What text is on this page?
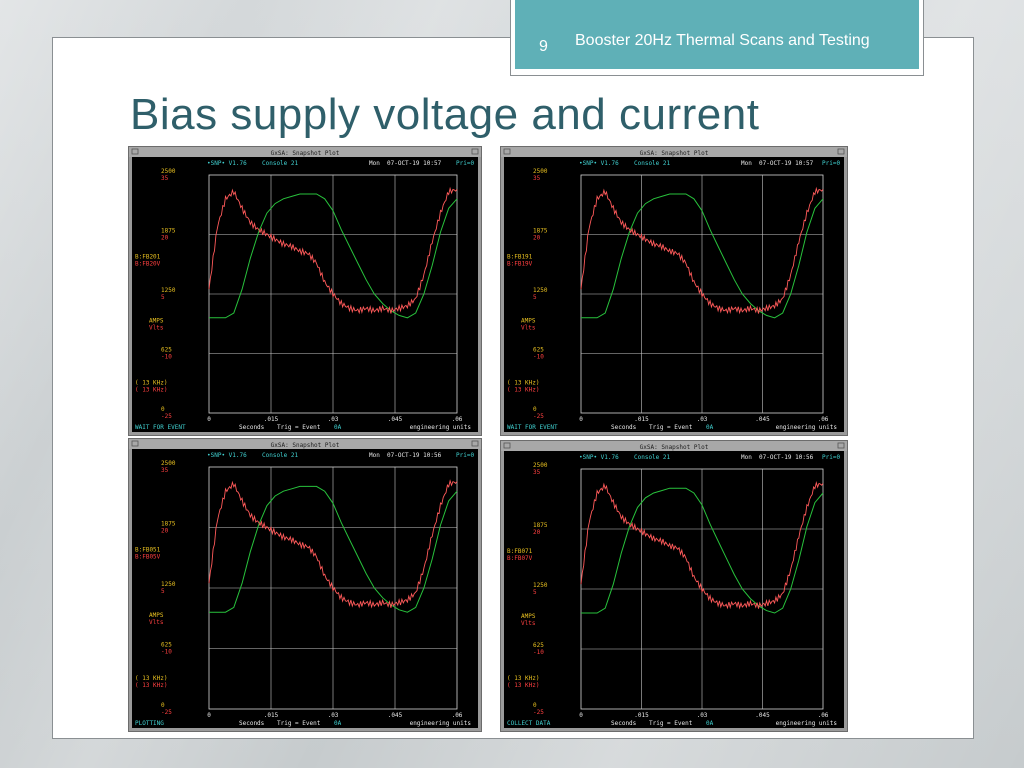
9 Booster 20Hz Thermal Scans and Testing
Bias supply voltage and current
GxSA: Snapshot Plot
•SNP• V1.76	Console 21	Mon 07-OCT-19 10:57 Pri=0
2500
35
1875
20
1250
5
625
-10
0
-25
B:FB201
B:FB20V
AMPS
Vlts
( 13 KHz)
( 13 KHz)
0	.015	.03	.045	.06
WAIT FOR EVENT	Seconds Trig = Event 0A	engineering units
GxSA: Snapshot Plot
•SNP• V1.76	Console 21	Mon 07-OCT-19 10:57 Pri=0
2500
35
1875
20
1250
5
625
-10
0
-25
B:FB191
B:FB19V
AMPS
Vlts
( 13 KHz)
( 13 KHz)
0	.015	.03	.045	.06
WAIT FOR EVENT	Seconds Trig = Event 0A	engineering units
GxSA: Snapshot Plot
•SNP• V1.76	Console 21	Mon 07-OCT-19 10:56 Pri=0
2500
35
1875
20
1250
5
625
-10
0
-25
B:FB051
B:FB05V
AMPS
Vlts
( 13 KHz)
( 13 KHz)
0	.015	.03	.045	.06
PLOTTING	Seconds Trig = Event 0A	engineering units
GxSA: Snapshot Plot
•SNP• V1.76	Console 21	Mon 07-OCT-19 10:56 Pri=0
2500
35
1875
20
1250
5
625
-10
0
-25
B:FB071
B:FB07V
AMPS
Vlts
( 13 KHz)
( 13 KHz)
0	.015	.03	.045	.06
COLLECT DATA	Seconds Trig = Event 0A	engineering units
